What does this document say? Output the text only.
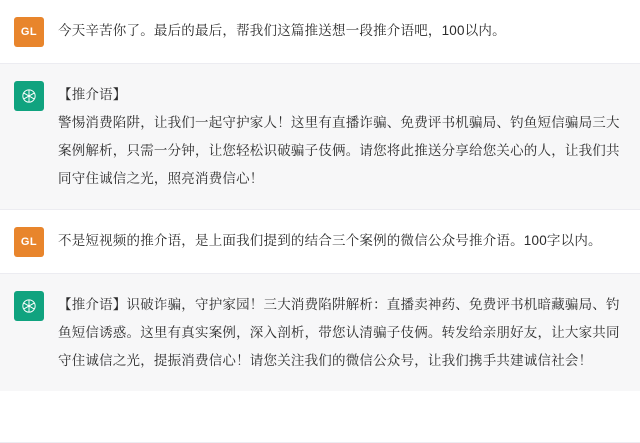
GL	今天辛苦你了。最后的最后，帮我们这篇推送想一段推介语吧，100以内。
【推介语】
警惕消费陷阱，让我们一起守护家人！这里有直播诈骗、免费评书机骗局、钓鱼短信骗局三大案例解析，只需一分钟，让您轻松识破骗子伎俩。请您将此推送分享给您关心的人，让我们共同守住诚信之光，照亮消费信心！
GL	不是短视频的推介语，是上面我们提到的结合三个案例的微信公众号推介语。100字以内。
【推介语】识破诈骗，守护家园！三大消费陷阱解析：直播卖神药、免费评书机暗藏骗局、钓鱼短信诱惑。这里有真实案例，深入剖析，带您认清骗子伎俩。转发给亲朋好友，让大家共同守住诚信之光，提振消费信心！请您关注我们的微信公众号，让我们携手共建诚信社会！
